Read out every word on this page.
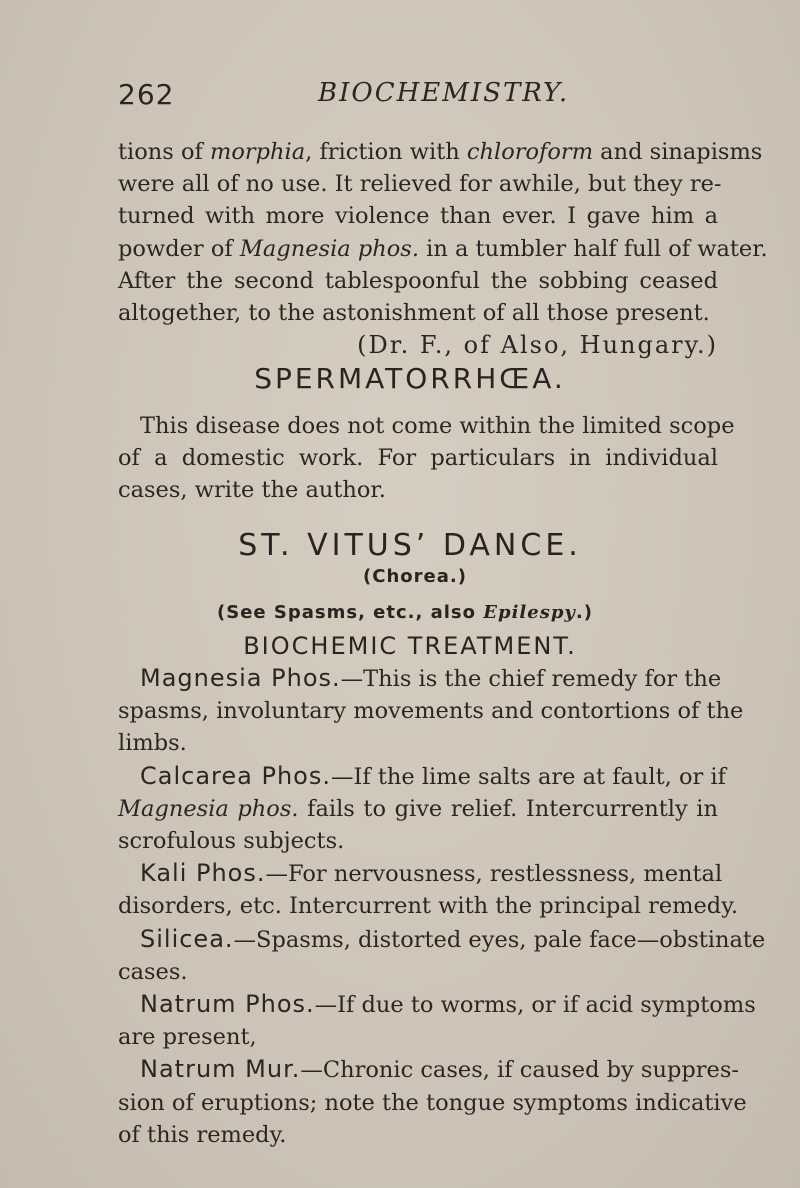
262	BIOCHEMISTRY.
tions of morphia, friction with chloroform and sinapisms
were all of no use. It relieved for awhile, but they re-
turned with more violence than ever. I gave him a
powder of Magnesia phos. in a tumbler half full of water.
After the second tablespoonful the sobbing ceased
altogether, to the astonishment of all those present.
(Dr. F., of Also, Hungary.)
SPERMATORRHŒA.
This disease does not come within the limited scope
of a domestic work. For particulars in individual
cases, write the author.
ST. VITUS’ DANCE.
(Chorea.)
(See Spasms, etc., also Epilespy.)
BIOCHEMIC TREATMENT.
Magnesia Phos.—This is the chief remedy for the
spasms, involuntary movements and contortions of the
limbs.
Calcarea Phos.—If the lime salts are at fault, or if
Magnesia phos. fails to give relief. Intercurrently in
scrofulous subjects.
Kali Phos.—For nervousness, restlessness, mental
disorders, etc. Intercurrent with the principal remedy.
Silicea.—Spasms, distorted eyes, pale face—obstinate
cases.
Natrum Phos.—If due to worms, or if acid symptoms
are present,
Natrum Mur.—Chronic cases, if caused by suppres-
sion of eruptions; note the tongue symptoms indicative
of this remedy.
